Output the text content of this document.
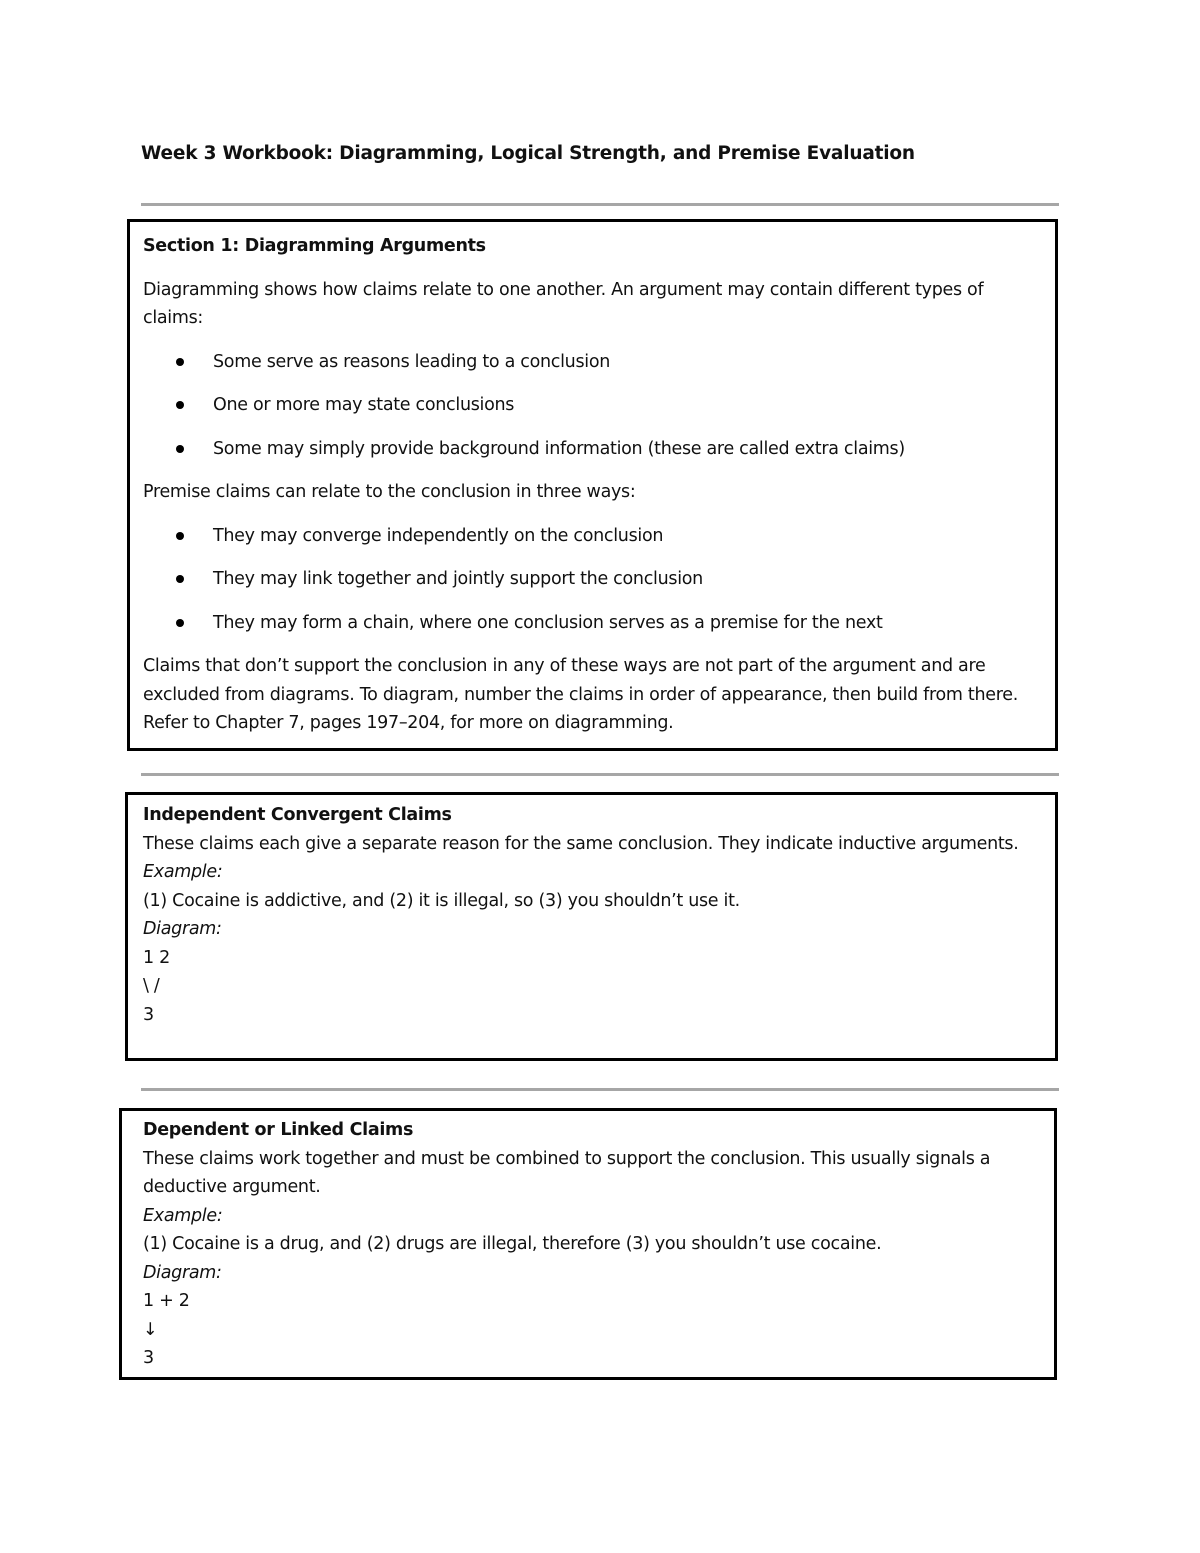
Week 3 Workbook: Diagramming, Logical Strength, and Premise Evaluation

Section 1: Diagramming Arguments

Diagramming shows how claims relate to one another. An argument may contain different types of claims:

Some serve as reasons leading to a conclusion
One or more may state conclusions
Some may simply provide background information (these are called extra claims)

Premise claims can relate to the conclusion in three ways:

They may converge independently on the conclusion
They may link together and jointly support the conclusion
They may form a chain, where one conclusion serves as a premise for the next

Claims that don’t support the conclusion in any of these ways are not part of the argument and are excluded from diagrams. To diagram, number the claims in order of appearance, then build from there. Refer to Chapter 7, pages 197–204, for more on diagramming.

Independent Convergent Claims

These claims each give a separate reason for the same conclusion. They indicate inductive arguments.

Example:

(1) Cocaine is addictive, and (2) it is illegal, so (3) you shouldn’t use it.

Diagram:

1 2

\ /

3

Dependent or Linked Claims

These claims work together and must be combined to support the conclusion. This usually signals a deductive argument.

Example:

(1) Cocaine is a drug, and (2) drugs are illegal, therefore (3) you shouldn’t use cocaine.

Diagram:

1 + 2

↓

3
